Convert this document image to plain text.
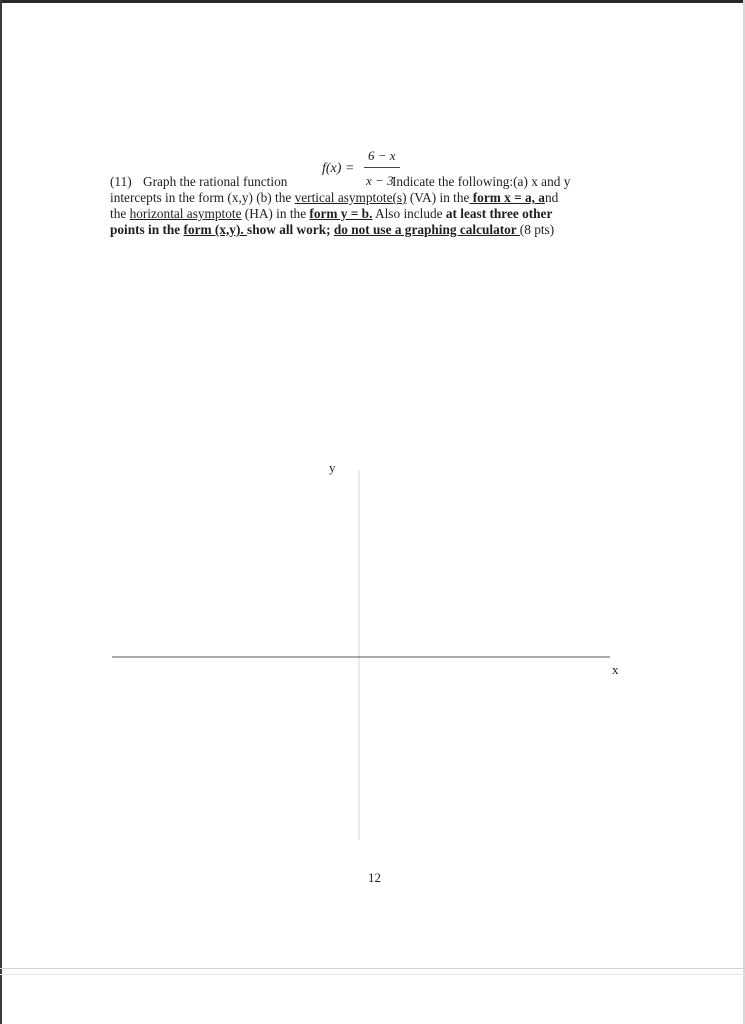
f(x) =
6 − x
x − 3
(11) Graph the rational function	Indicate the following:(a) x and y
intercepts in the form (x,y) (b) the vertical asymptote(s) (VA) in the form x = a, and
the horizontal asymptote (HA) in the form y = b. Also include at least three other
points in the form (x,y). show all work; do not use a graphing calculator (8 pts)
y
x
12
